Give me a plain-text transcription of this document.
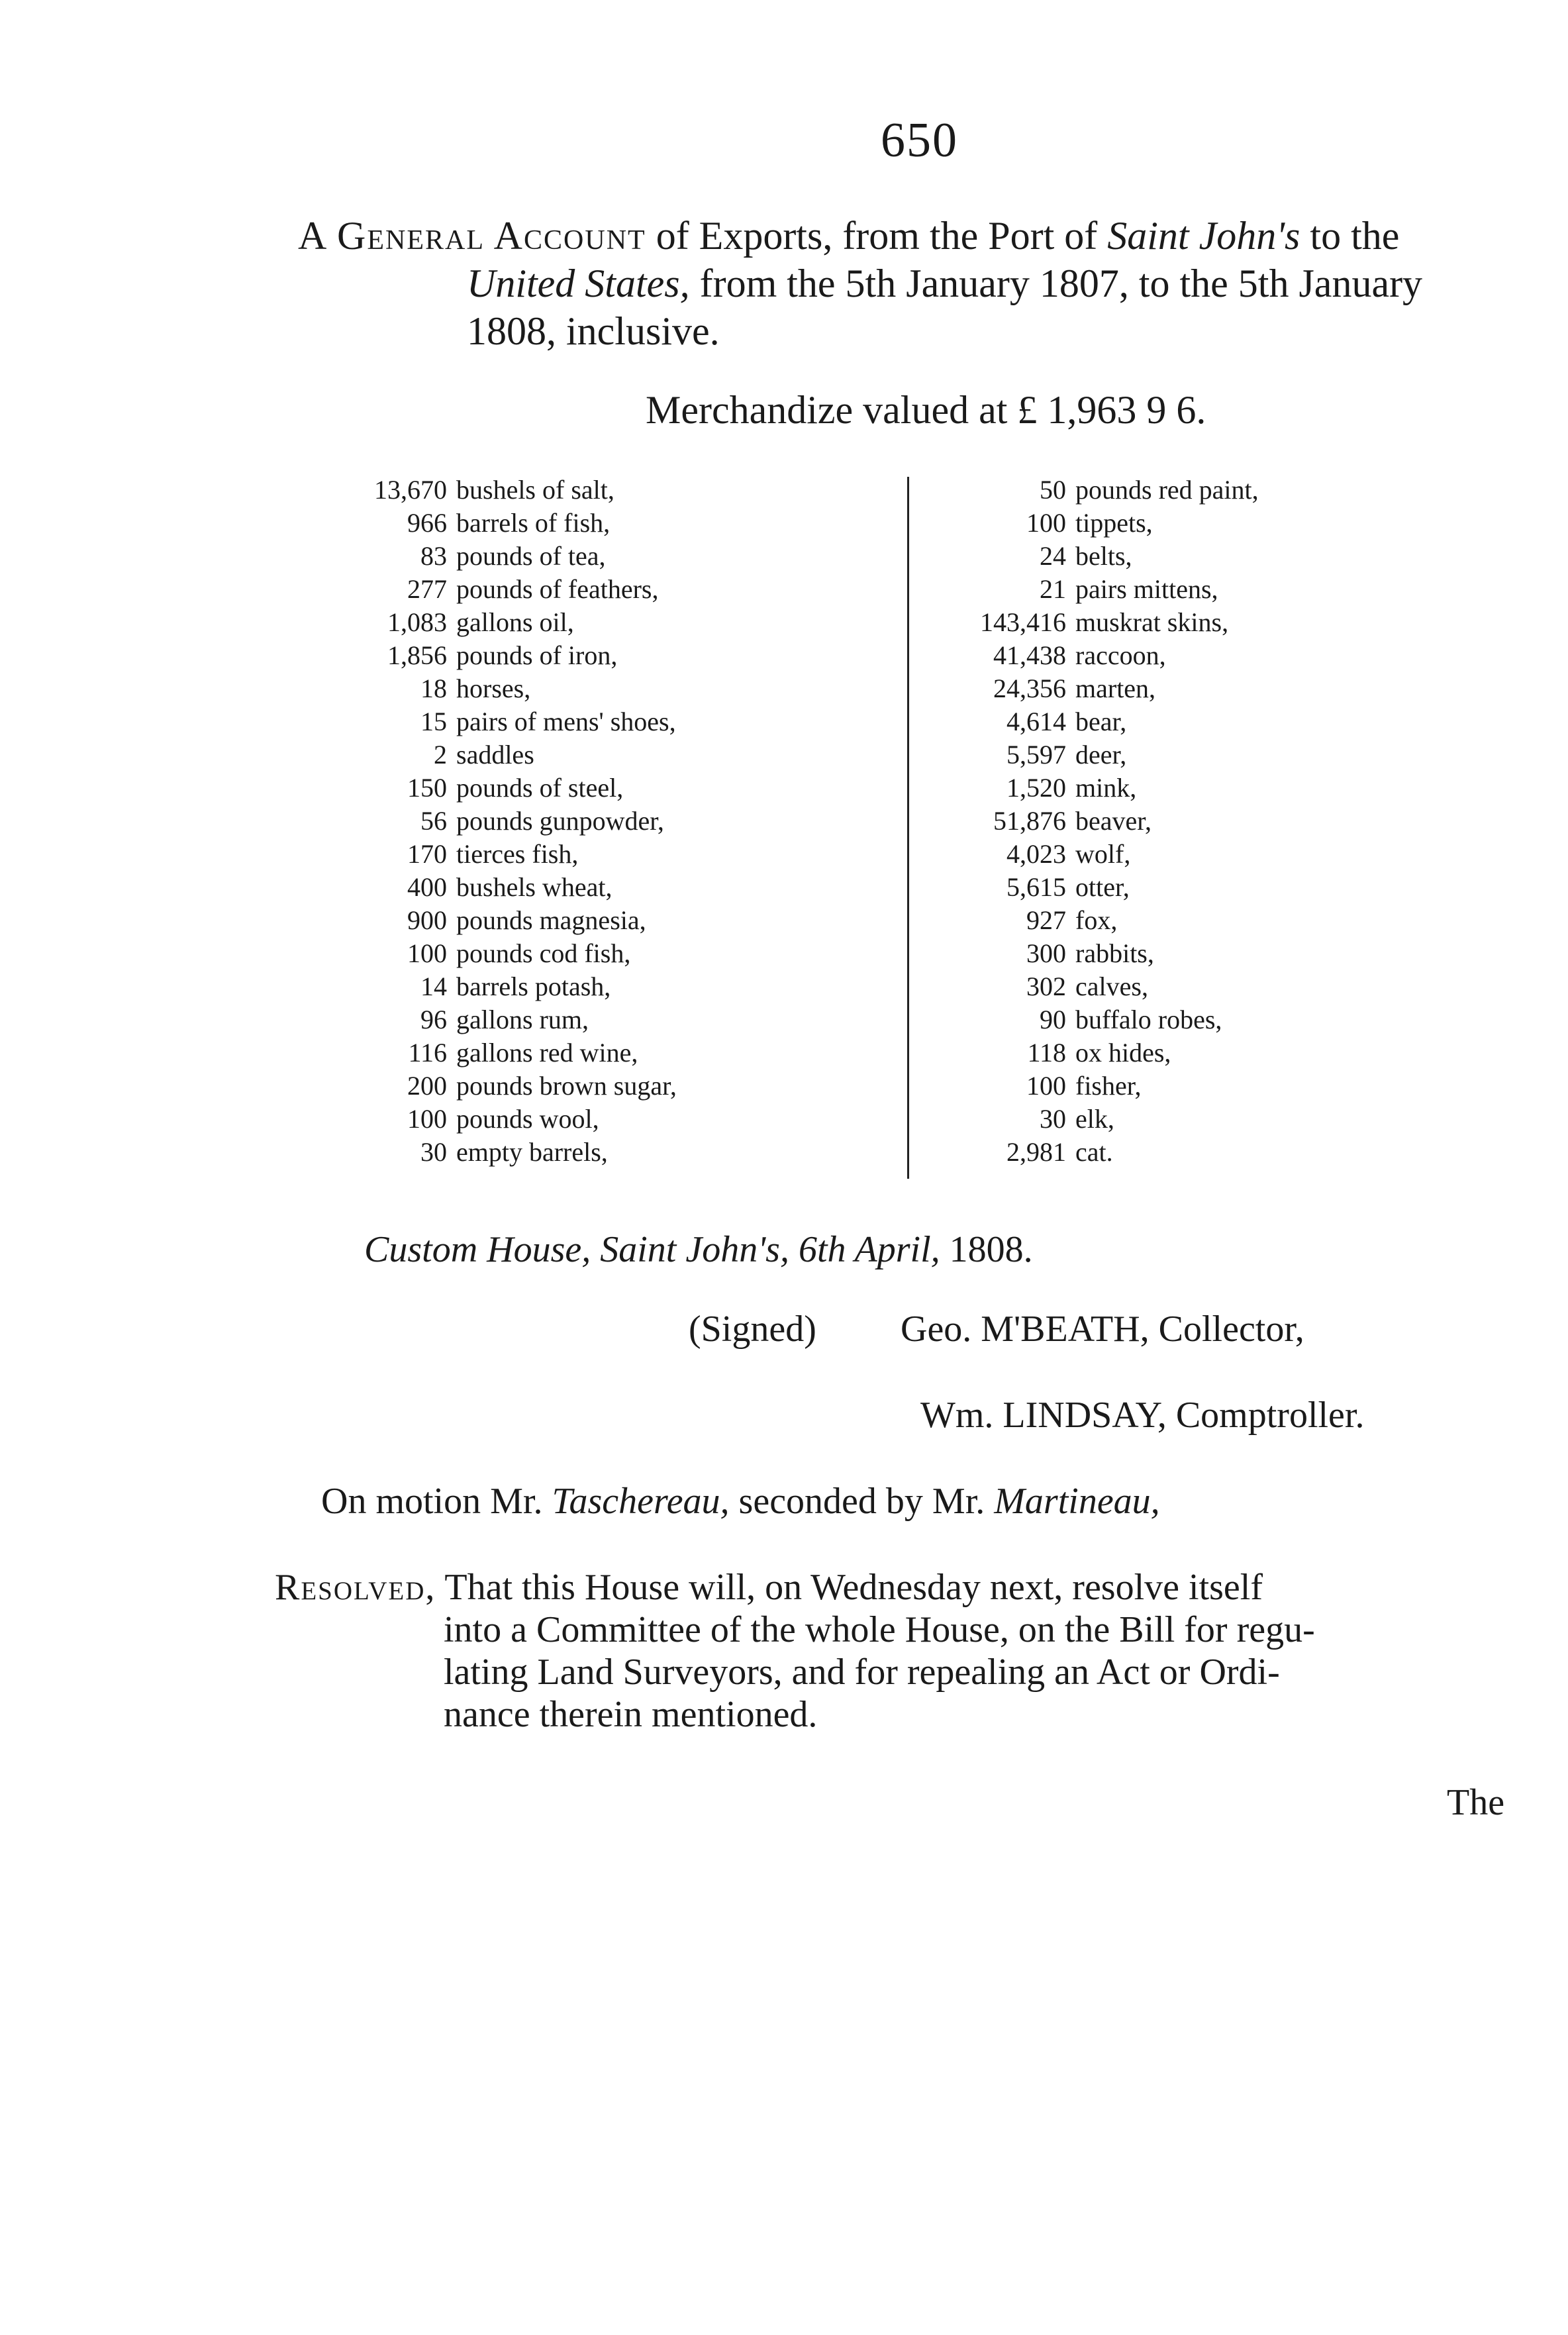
650
A General Account of Exports, from the Port of Saint John's to the
United States, from the 5th January 1807, to the 5th January
1808, inclusive.
Merchandize valued at £ 1,963 9 6.
13,670 bushels of salt,
966 barrels of fish,
83 pounds of tea,
277 pounds of feathers,
1,083 gallons oil,
1,856 pounds of iron,
18 horses,
15 pairs of mens' shoes,
2 saddles
150 pounds of steel,
56 pounds gunpowder,
170 tierces fish,
400 bushels wheat,
900 pounds magnesia,
100 pounds cod fish,
14 barrels potash,
96 gallons rum,
116 gallons red wine,
200 pounds brown sugar,
100 pounds wool,
30 empty barrels,
50 pounds red paint,
100 tippets,
24 belts,
21 pairs mittens,
143,416 muskrat skins,
41,438 raccoon,
24,356 marten,
4,614 bear,
5,597 deer,
1,520 mink,
51,876 beaver,
4,023 wolf,
5,615 otter,
927 fox,
300 rabbits,
302 calves,
90 buffalo robes,
118 ox hides,
100 fisher,
30 elk,
2,981 cat.
Custom House, Saint John's, 6th April, 1808.
(Signed) Geo. M'BEATH, Collector,
Wm. LINDSAY, Comptroller.
On motion Mr. Taschereau, seconded by Mr. Martineau,
Resolved, That this House will, on Wednesday next, resolve itself
into a Committee of the whole House, on the Bill for regu-
lating Land Surveyors, and for repealing an Act or Ordi-
nance therein mentioned.
The
